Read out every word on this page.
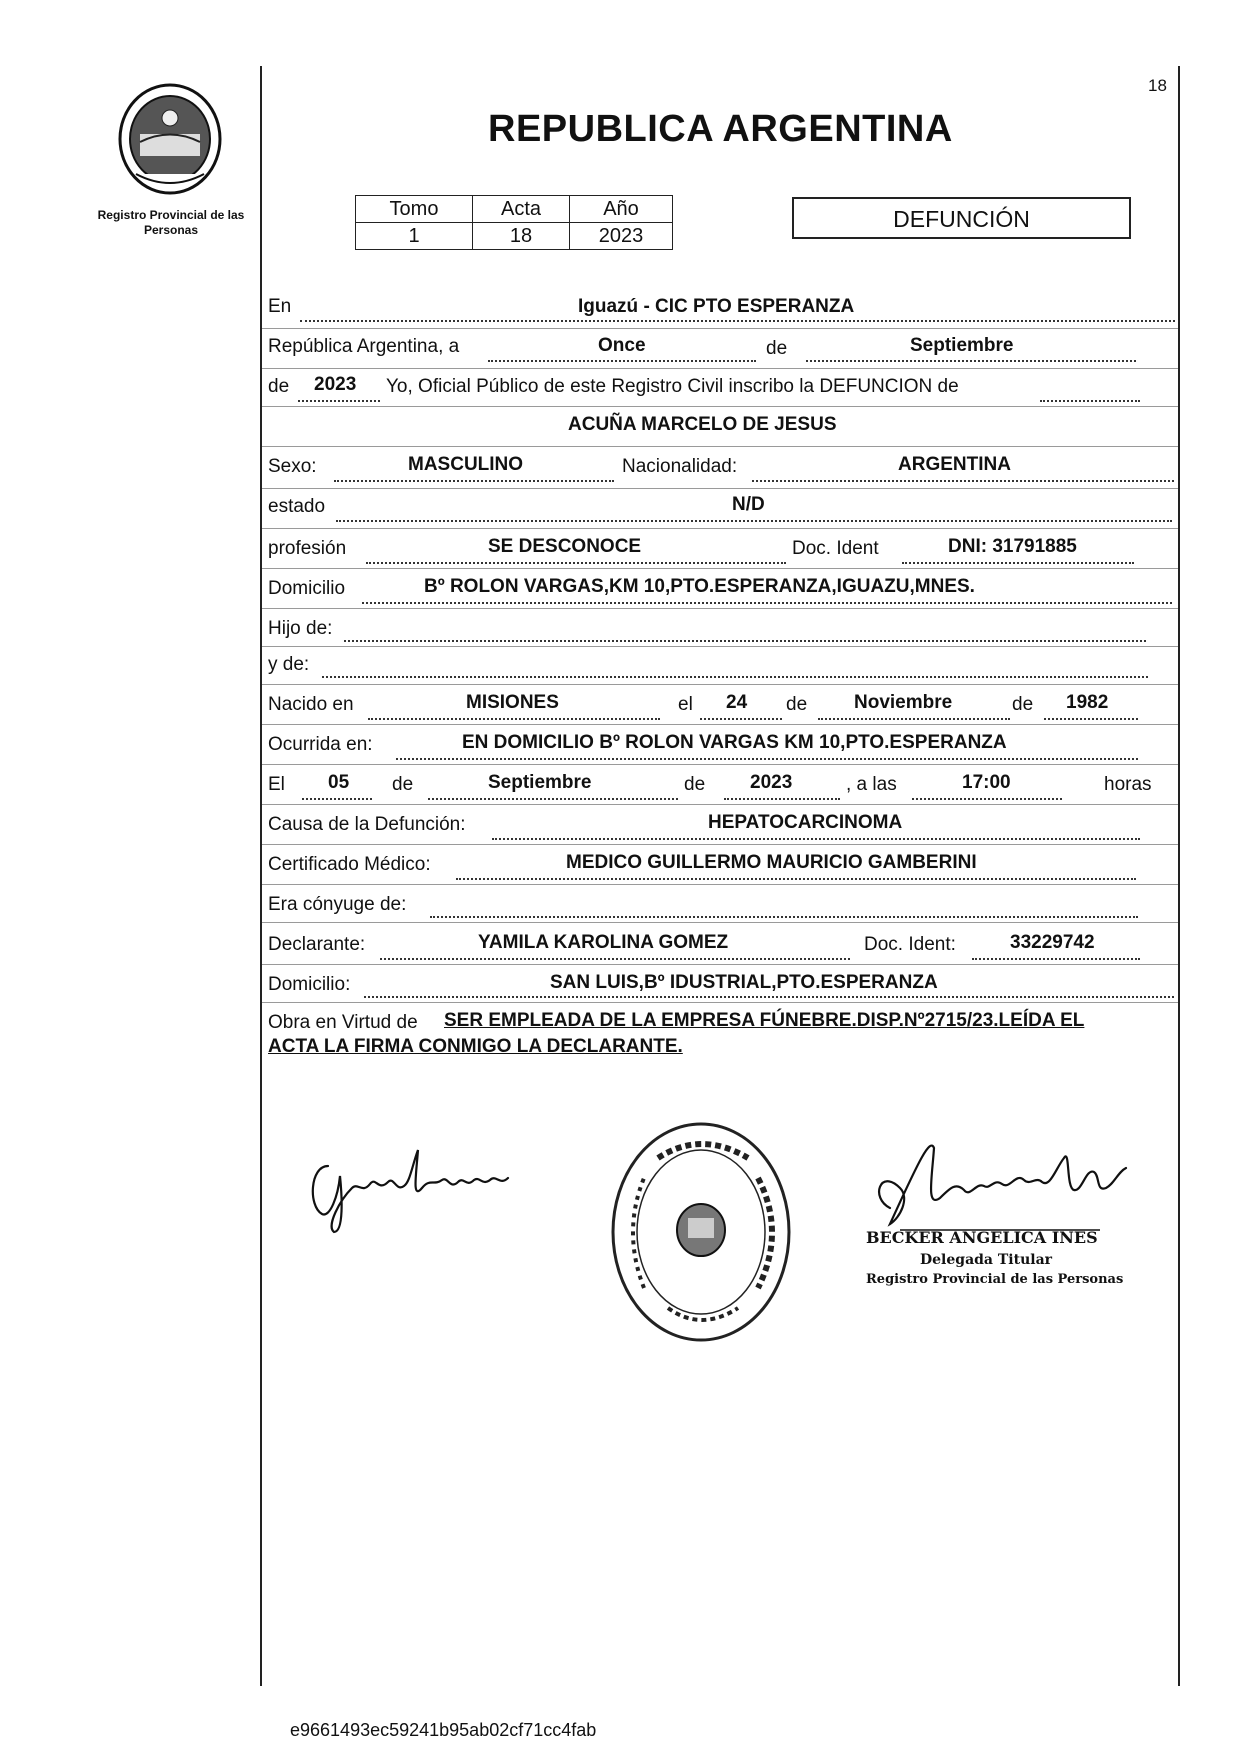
18
Registro Provincial de las Personas
REPUBLICA ARGENTINA
Tomo	Acta	Año
1	18	2023
DEFUNCIÓN
En	Iguazú - CIC PTO ESPERANZA
República Argentina, a	Once	de	Septiembre
de 2023 Yo, Oficial Público de este Registro Civil inscribo la DEFUNCION de
ACUÑA MARCELO DE JESUS
Sexo:	MASCULINO	Nacionalidad:	ARGENTINA
estado	N/D
profesión	SE DESCONOCE	Doc. Ident	DNI: 31791885
Domicilio	Bº ROLON VARGAS,KM 10,PTO.ESPERANZA,IGUAZU,MNES.
Hijo de:
y de:
Nacido en	MISIONES	el 24 de Noviembre	de 1982
Ocurrida en:	EN DOMICILIO Bº ROLON VARGAS KM 10,PTO.ESPERANZA
El 05 de	Septiembre	de 2023	, a las	17:00	horas
Causa de la Defunción:	HEPATOCARCINOMA
Certificado Médico:	MEDICO GUILLERMO MAURICIO GAMBERINI
Era cónyuge de:
Declarante:	YAMILA KAROLINA GOMEZ	Doc. Ident:	33229742
Domicilio:	SAN LUIS,Bº IDUSTRIAL,PTO.ESPERANZA
Obra en Virtud de SER EMPLEADA DE LA EMPRESA FÚNEBRE.DISP.Nº2715/23.LEÍDA EL
ACTA LA FIRMA CONMIGO LA DECLARANTE.
BECKER ANGELICA INES
Delegada Titular
Registro Provincial de las Personas
e9661493ec59241b95ab02cf71cc4fab
